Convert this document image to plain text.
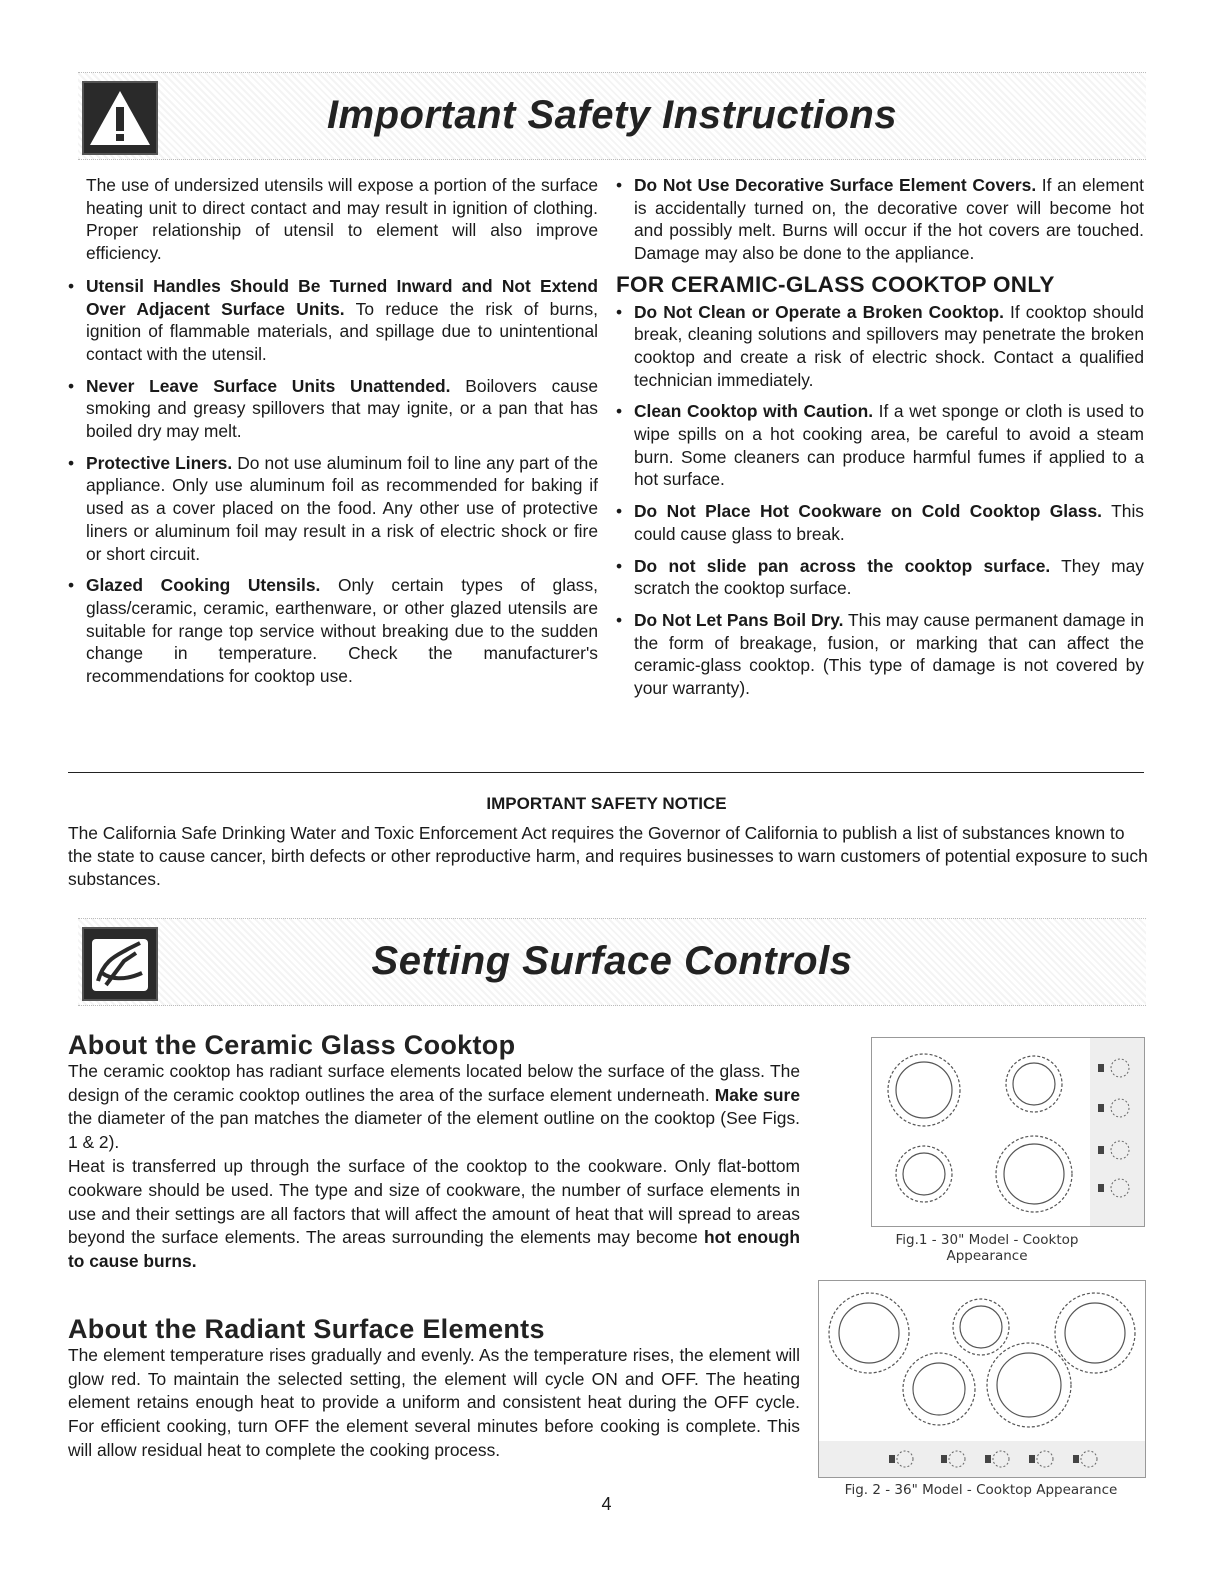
Important Safety Instructions

The use of undersized utensils will expose a portion of the surface heating unit to direct contact and may result in ignition of clothing. Proper relationship of utensil to element will also improve efficiency.

• Utensil Handles Should Be Turned Inward and Not Extend Over Adjacent Surface Units. To reduce the risk of burns, ignition of flammable materials, and spillage due to unintentional contact with the utensil.
• Never Leave Surface Units Unattended. Boilovers cause smoking and greasy spillovers that may ignite, or a pan that has boiled dry may melt.
• Protective Liners. Do not use aluminum foil to line any part of the appliance. Only use aluminum foil as recommended for baking if used as a cover placed on the food. Any other use of protective liners or aluminum foil may result in a risk of electric shock or fire or short circuit.
• Glazed Cooking Utensils. Only certain types of glass, glass/ceramic, ceramic, earthenware, or other glazed utensils are suitable for range top service without breaking due to the sudden change in temperature. Check the manufacturer's recommendations for cooktop use.
• Do Not Use Decorative Surface Element Covers. If an element is accidentally turned on, the decorative cover will become hot and possibly melt. Burns will occur if the hot covers are touched. Damage may also be done to the appliance.
FOR CERAMIC-GLASS COOKTOP ONLY
• Do Not Clean or Operate a Broken Cooktop. If cooktop should break, cleaning solutions and spillovers may penetrate the broken cooktop and create a risk of electric shock. Contact a qualified technician immediately.
• Clean Cooktop with Caution. If a wet sponge or cloth is used to wipe spills on a hot cooking area, be careful to avoid a steam burn. Some cleaners can produce harmful fumes if applied to a hot surface.
• Do Not Place Hot Cookware on Cold Cooktop Glass. This could cause glass to break.
• Do not slide pan across the cooktop surface. They may scratch the cooktop surface.
• Do Not Let Pans Boil Dry. This may cause permanent damage in the form of breakage, fusion, or marking that can affect the ceramic-glass cooktop. (This type of damage is not covered by your warranty).
IMPORTANT SAFETY NOTICE
The California Safe Drinking Water and Toxic Enforcement Act requires the Governor of California to publish a list of substances known to the state to cause cancer, birth defects or other reproductive harm, and requires businesses to warn customers of potential exposure to such substances.
Setting Surface Controls
About the Ceramic Glass Cooktop

The ceramic cooktop has radiant surface elements located below the surface of the glass. The design of the ceramic cooktop outlines the area of the surface element underneath. Make sure the diameter of the pan matches the diameter of the element outline on the cooktop (See Figs. 1 & 2).

Heat is transferred up through the surface of the cooktop to the cookware. Only flat-bottom cookware should be used. The type and size of cookware, the number of surface elements in use and their settings are all factors that will affect the amount of heat that will spread to areas beyond the surface elements. The areas surrounding the elements may become hot enough to cause burns.

About the Radiant Surface Elements

The element temperature rises gradually and evenly. As the temperature rises, the element will glow red. To maintain the selected setting, the element will cycle ON and OFF. The heating element retains enough heat to provide a uniform and consistent heat during the OFF cycle. For efficient cooking, turn OFF the element several minutes before cooking is complete. This will allow residual heat to complete the cooking process.

Fig.1 - 30" Model - Cooktop
Appearance
Fig. 2 - 36" Model - Cooktop Appearance
4
